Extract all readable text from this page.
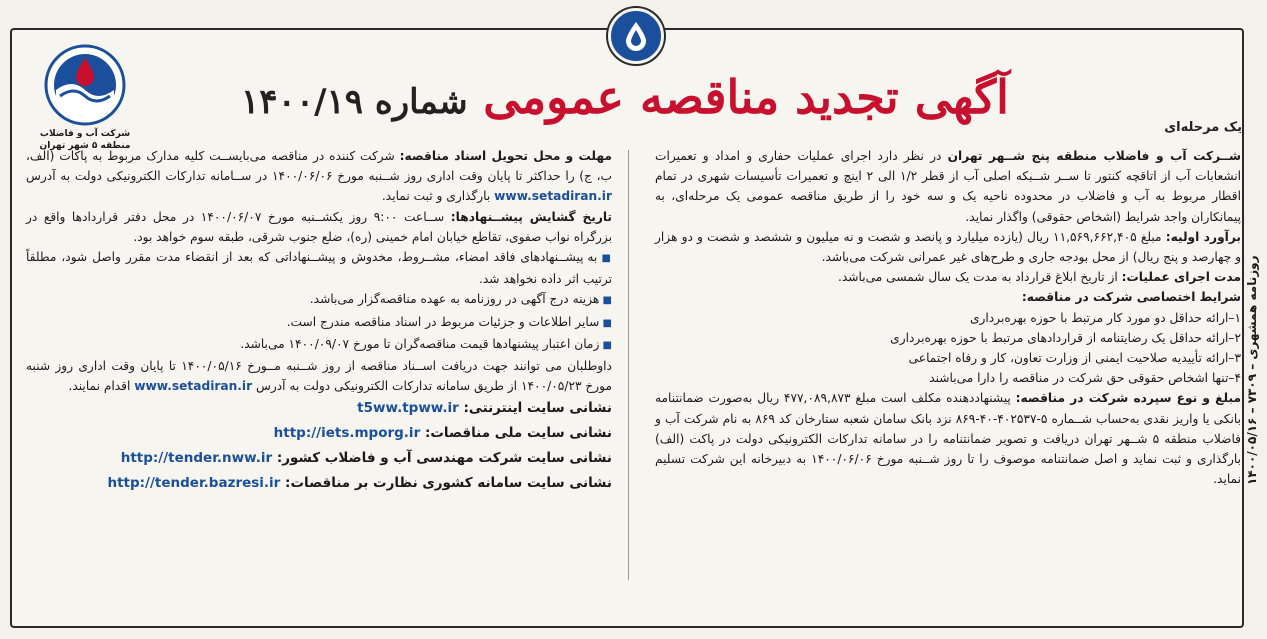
روزنامه همشهری – ۷۳۰۹ – ۱۴۰۰/۰۵/۱۶
شرکت آب و فاضلاب منطقه ۵ شهر تهران
آگهی تجدید مناقصه عمومی شماره ۱۴۰۰/۱۹
یک مرحله‌ای

شــرکت آب و فاضلاب منطقه پنج شــهر تهران در نظر دارد اجرای عملیات حفاری و امداد و تعمیرات انشعابات آب از اتاقچه کنتور تا ســر شــبکه اصلی آب از قطر ۱/۲ الی ۲ اینچ و تعمیرات تأسیسات شهری در تمام اقطار مربوط به آب و فاضلاب در محدوده ناحیه یک و سه خود را از طریق مناقصه عمومی یک مرحله‌ای، به پیمانکاران واجد شرایط (اشخاص حقوقی) واگذار نماید.

برآورد اولیه: مبلغ ۱۱,۵۶۹,۶۶۲,۴۰۵ ریال (یازده میلیارد و پانصد و شصت و نه میلیون و ششصد و شصت و دو هزار و چهارصد و پنج ریال) از محل بودجه جاری و طرح‌های غیر عمرانی شرکت می‌باشد.

مدت اجرای عملیات: از تاریخ ابلاغ قرارداد به مدت یک سال شمسی می‌باشد.

شرایط اختصاصی شرکت در مناقصه:

۱–ارائه حداقل دو مورد کار مرتبط با حوزه بهره‌برداری

۲–ارائه حداقل یک رضایتنامه از قراردادهای مرتبط با حوزه بهره‌برداری

۳–ارائه تأییدیه صلاحیت ایمنی از وزارت تعاون، کار و رفاه اجتماعی

۴–تنها اشخاص حقوقی حق شرکت در مناقصه را دارا می‌باشند

مبلغ و نوع سپرده شرکت در مناقصه: پیشنهاددهنده مکلف است مبلغ ۴۷۷,۰۸۹,۸۷۳ ریال به‌صورت ضمانتنامه بانکی یا واریز نقدی به‌حساب شــماره ۵-۴۰۲۵۳۷-۴۰-۸۶۹ نزد بانک سامان شعبه ستارخان کد ۸۶۹ به نام شرکت آب و فاضلاب منطقه ۵ شــهر تهران دریافت و تصویر ضمانتنامه را در سامانه تدارکات الکترونیکی دولت در پاکت (الف) بارگذاری و ثبت نماید و اصل ضمانتنامه موصوف را تا روز شــنبه مورخ ۱۴۰۰/۰۶/۰۶ به دبیرخانه این شرکت تسلیم نماید.

مهلت و محل تحویل اسناد مناقصه: شرکت کننده در مناقصه می‌بایســت کلیه مدارک مربوط به پاکات (الف، ب، ج) را حداکثر تا پایان وقت اداری روز شــنبه مورخ ۱۴۰۰/۰۶/۰۶ در ســامانه تدارکات الکترونیکی دولت به آدرس www.setadiran.ir بارگذاری و ثبت نماید.

تاریخ گشایش پیشــنهادها: ســاعت ۹:۰۰ روز یکشــنبه مورخ ۱۴۰۰/۰۶/۰۷ در محل دفتر قراردادها واقع در بزرگراه نواب صفوی، تقاطع خیابان امام خمینی (ره)، ضلع جنوب شرقی، طبقه سوم خواهد بود.

■ به پیشــنهادهای فاقد امضاء، مشــروط، مخدوش و پیشــنهاداتی که بعد از انقضاء مدت مقرر واصل شود، مطلقاً ترتیب اثر داده نخواهد شد.

■ هزینه درج آگهی در روزنامه به عهده مناقصه‌گزار می‌باشد.

■ سایر اطلاعات و جزئیات مربوط در اسناد مناقصه مندرج است.

■ زمان اعتبار پیشنهادها قیمت مناقصه‌گران تا مورخ ۱۴۰۰/۰۹/۰۷ می‌باشد.

داوطلبان می توانند جهت دریافت اســناد مناقصه از روز شــنبه مــورخ ۱۴۰۰/۰۵/۱۶ تا پایان وقت اداری روز شنبه مورخ ۱۴۰۰/۰۵/۲۳ از طریق سامانه تدارکات الکترونیکی دولت به آدرس www.setadiran.ir اقدام نمایند.

نشانی سایت اینترنتی: t5ww.tpww.ir
نشانی سایت ملی مناقصات: http://iets.mporg.ir
نشانی سایت شرکت مهندسی آب و فاضلاب کشور: http://tender.nww.ir
نشانی سایت سامانه کشوری نظارت بر مناقصات: http://tender.bazresi.ir
